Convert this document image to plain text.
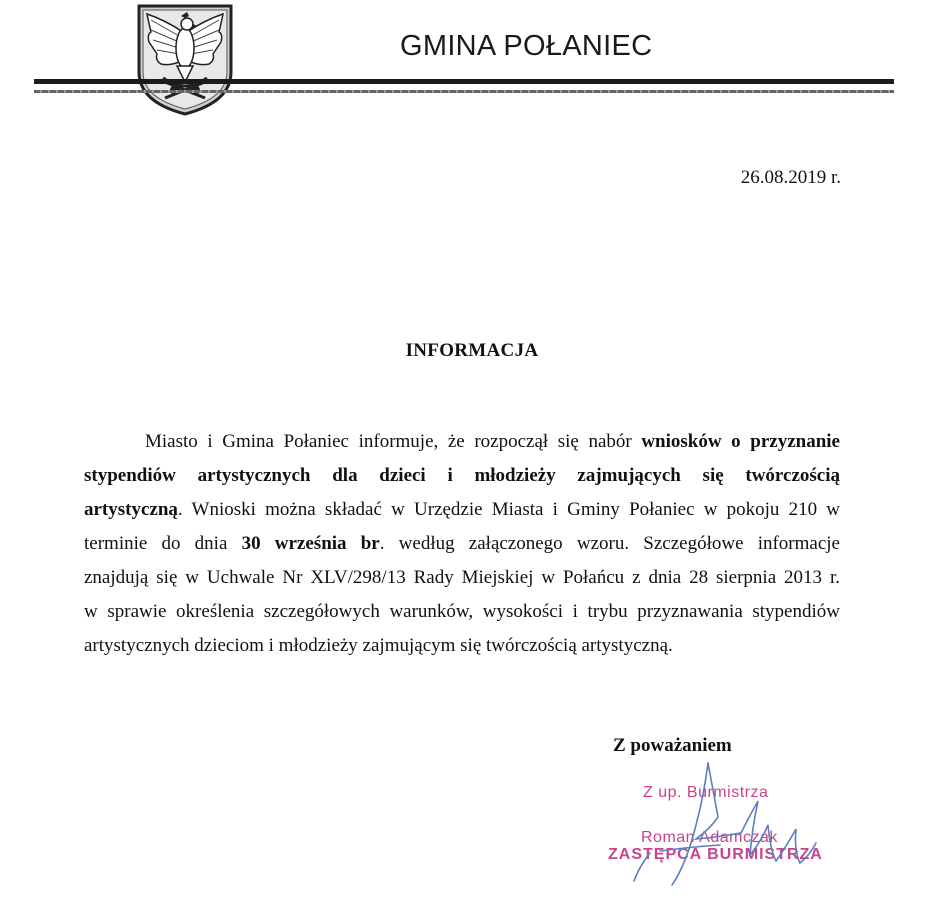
GMINA POŁANIEC
26.08.2019 r.
INFORMACJA
Miasto i Gmina Połaniec informuje, że rozpoczął się nabór wniosków o przyznanie
stypendiów artystycznych dla dzieci i młodzieży zajmujących się twórczością
artystyczną. Wnioski można składać w Urzędzie Miasta i Gminy Połaniec w pokoju 210 w
terminie do dnia 30 września br. według załączonego wzoru. Szczegółowe informacje
znajdują się w Uchwale Nr XLV/298/13 Rady Miejskiej w Połańcu z dnia 28 sierpnia 2013 r.
w sprawie określenia szczegółowych warunków, wysokości i trybu przyznawania stypendiów
artystycznych dzieciom i młodzieży zajmującym się twórczością artystyczną.
Z poważaniem
Z up. Burmistrza
Roman Adamczak
ZASTĘPCA BURMISTRZA
